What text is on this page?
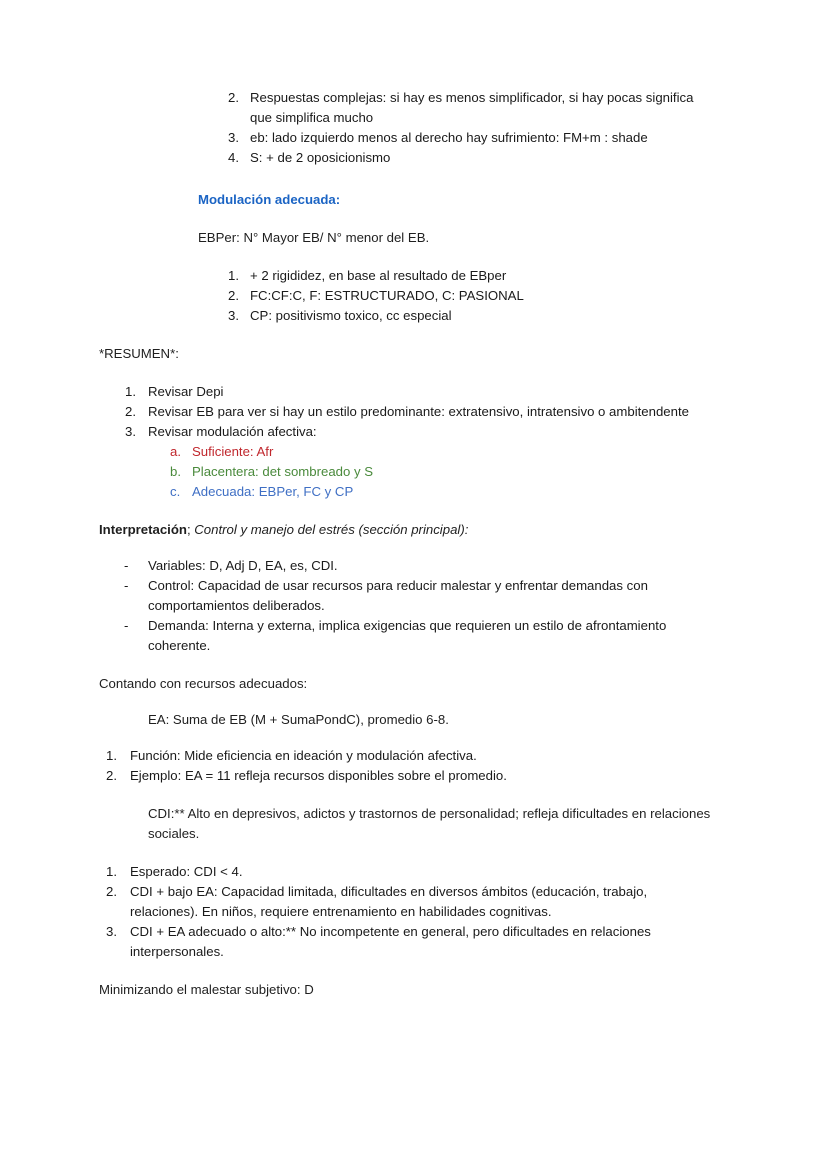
2. Respuestas complejas: si hay es menos simplificador, si hay pocas significa que simplifica mucho
3. eb: lado izquierdo menos al derecho hay sufrimiento: FM+m : shade
4. S: + de 2 oposicionismo
Modulación adecuada:
EBPer: N° Mayor EB/ N° menor del EB.
1. + 2 rigididez, en base al resultado de EBper
2. FC:CF:C, F: ESTRUCTURADO, C: PASIONAL
3. CP: positivismo toxico, cc especial
*RESUMEN*:
1. Revisar Depi
2. Revisar EB para ver si hay un estilo predominante: extratensivo, intratensivo o ambitendente
3. Revisar modulación afectiva:
a. Suficiente: Afr
b. Placentera: det sombreado y S
c. Adecuada: EBPer, FC y CP
Interpretación; Control y manejo del estrés (sección principal):
-	Variables: D, Adj D, EA, es, CDI.
-	Control: Capacidad de usar recursos para reducir malestar y enfrentar demandas con comportamientos deliberados.
-	Demanda: Interna y externa, implica exigencias que requieren un estilo de afrontamiento coherente.
Contando con recursos adecuados:
EA: Suma de EB (M + SumaPondC), promedio 6-8.
1. Función: Mide eficiencia en ideación y modulación afectiva.
2. Ejemplo: EA = 11 refleja recursos disponibles sobre el promedio.
CDI:** Alto en depresivos, adictos y trastornos de personalidad; refleja dificultades en relaciones sociales.
1. Esperado: CDI < 4.
2. CDI + bajo EA: Capacidad limitada, dificultades en diversos ámbitos (educación, trabajo, relaciones). En niños, requiere entrenamiento en habilidades cognitivas.
3. CDI + EA adecuado o alto:** No incompetente en general, pero dificultades en relaciones interpersonales.
Minimizando el malestar subjetivo: D
